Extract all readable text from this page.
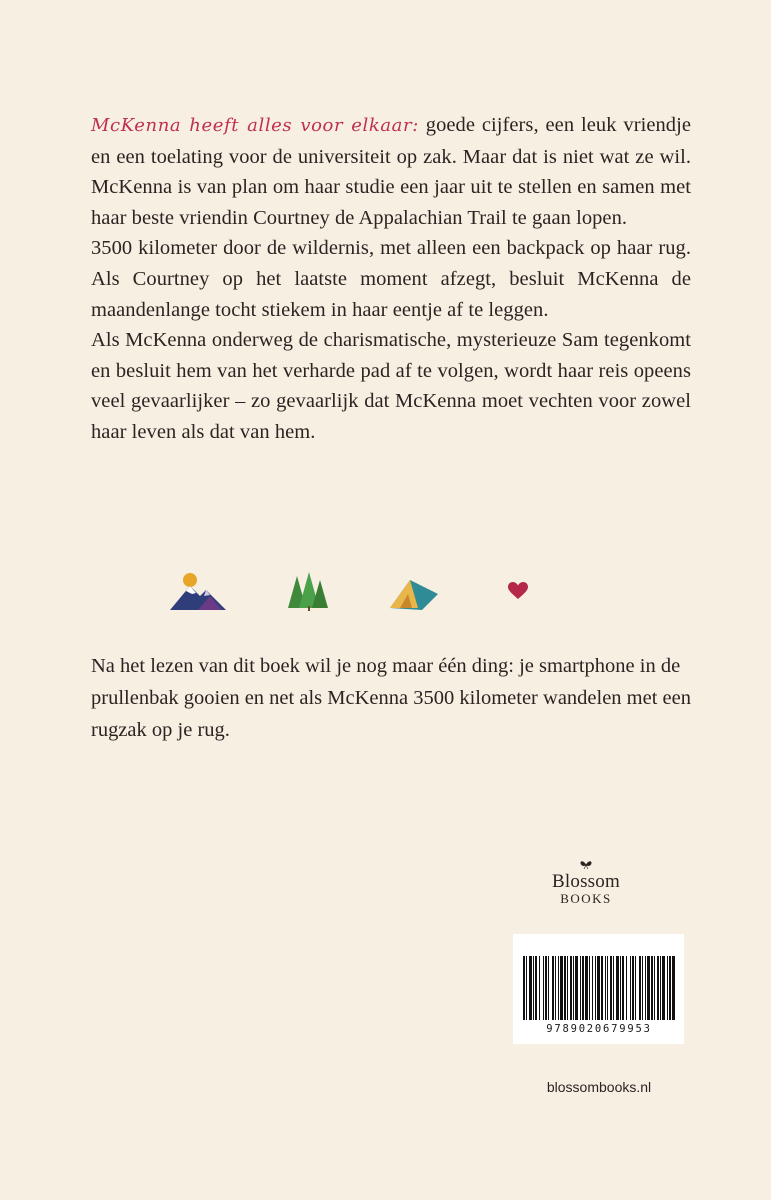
McKenna heeft alles voor elkaar: goede cijfers, een leuk vriendje en een toelating voor de universiteit op zak. Maar dat is niet wat ze wil. McKenna is van plan om haar studie een jaar uit te stellen en samen met haar beste vriendin Courtney de Appalachian Trail te gaan lopen.

3500 kilometer door de wildernis, met alleen een backpack op haar rug. Als Courtney op het laatste moment afzegt, besluit McKenna de maandenlange tocht stiekem in haar eentje af te leggen.

Als McKenna onderweg de charismatische, mysterieuze Sam tegenkomt en besluit hem van het verharde pad af te volgen, wordt haar reis opeens veel gevaarlijker – zo gevaarlijk dat McKenna moet vechten voor zowel haar leven als dat van hem.

Na het lezen van dit boek wil je nog maar één ding: je smartphone in de prullenbak gooien en net als McKenna 3500 kilometer wandelen met een rugzak op je rug.
Blossom
BOOKS
9789020679953
blossombooks.nl
